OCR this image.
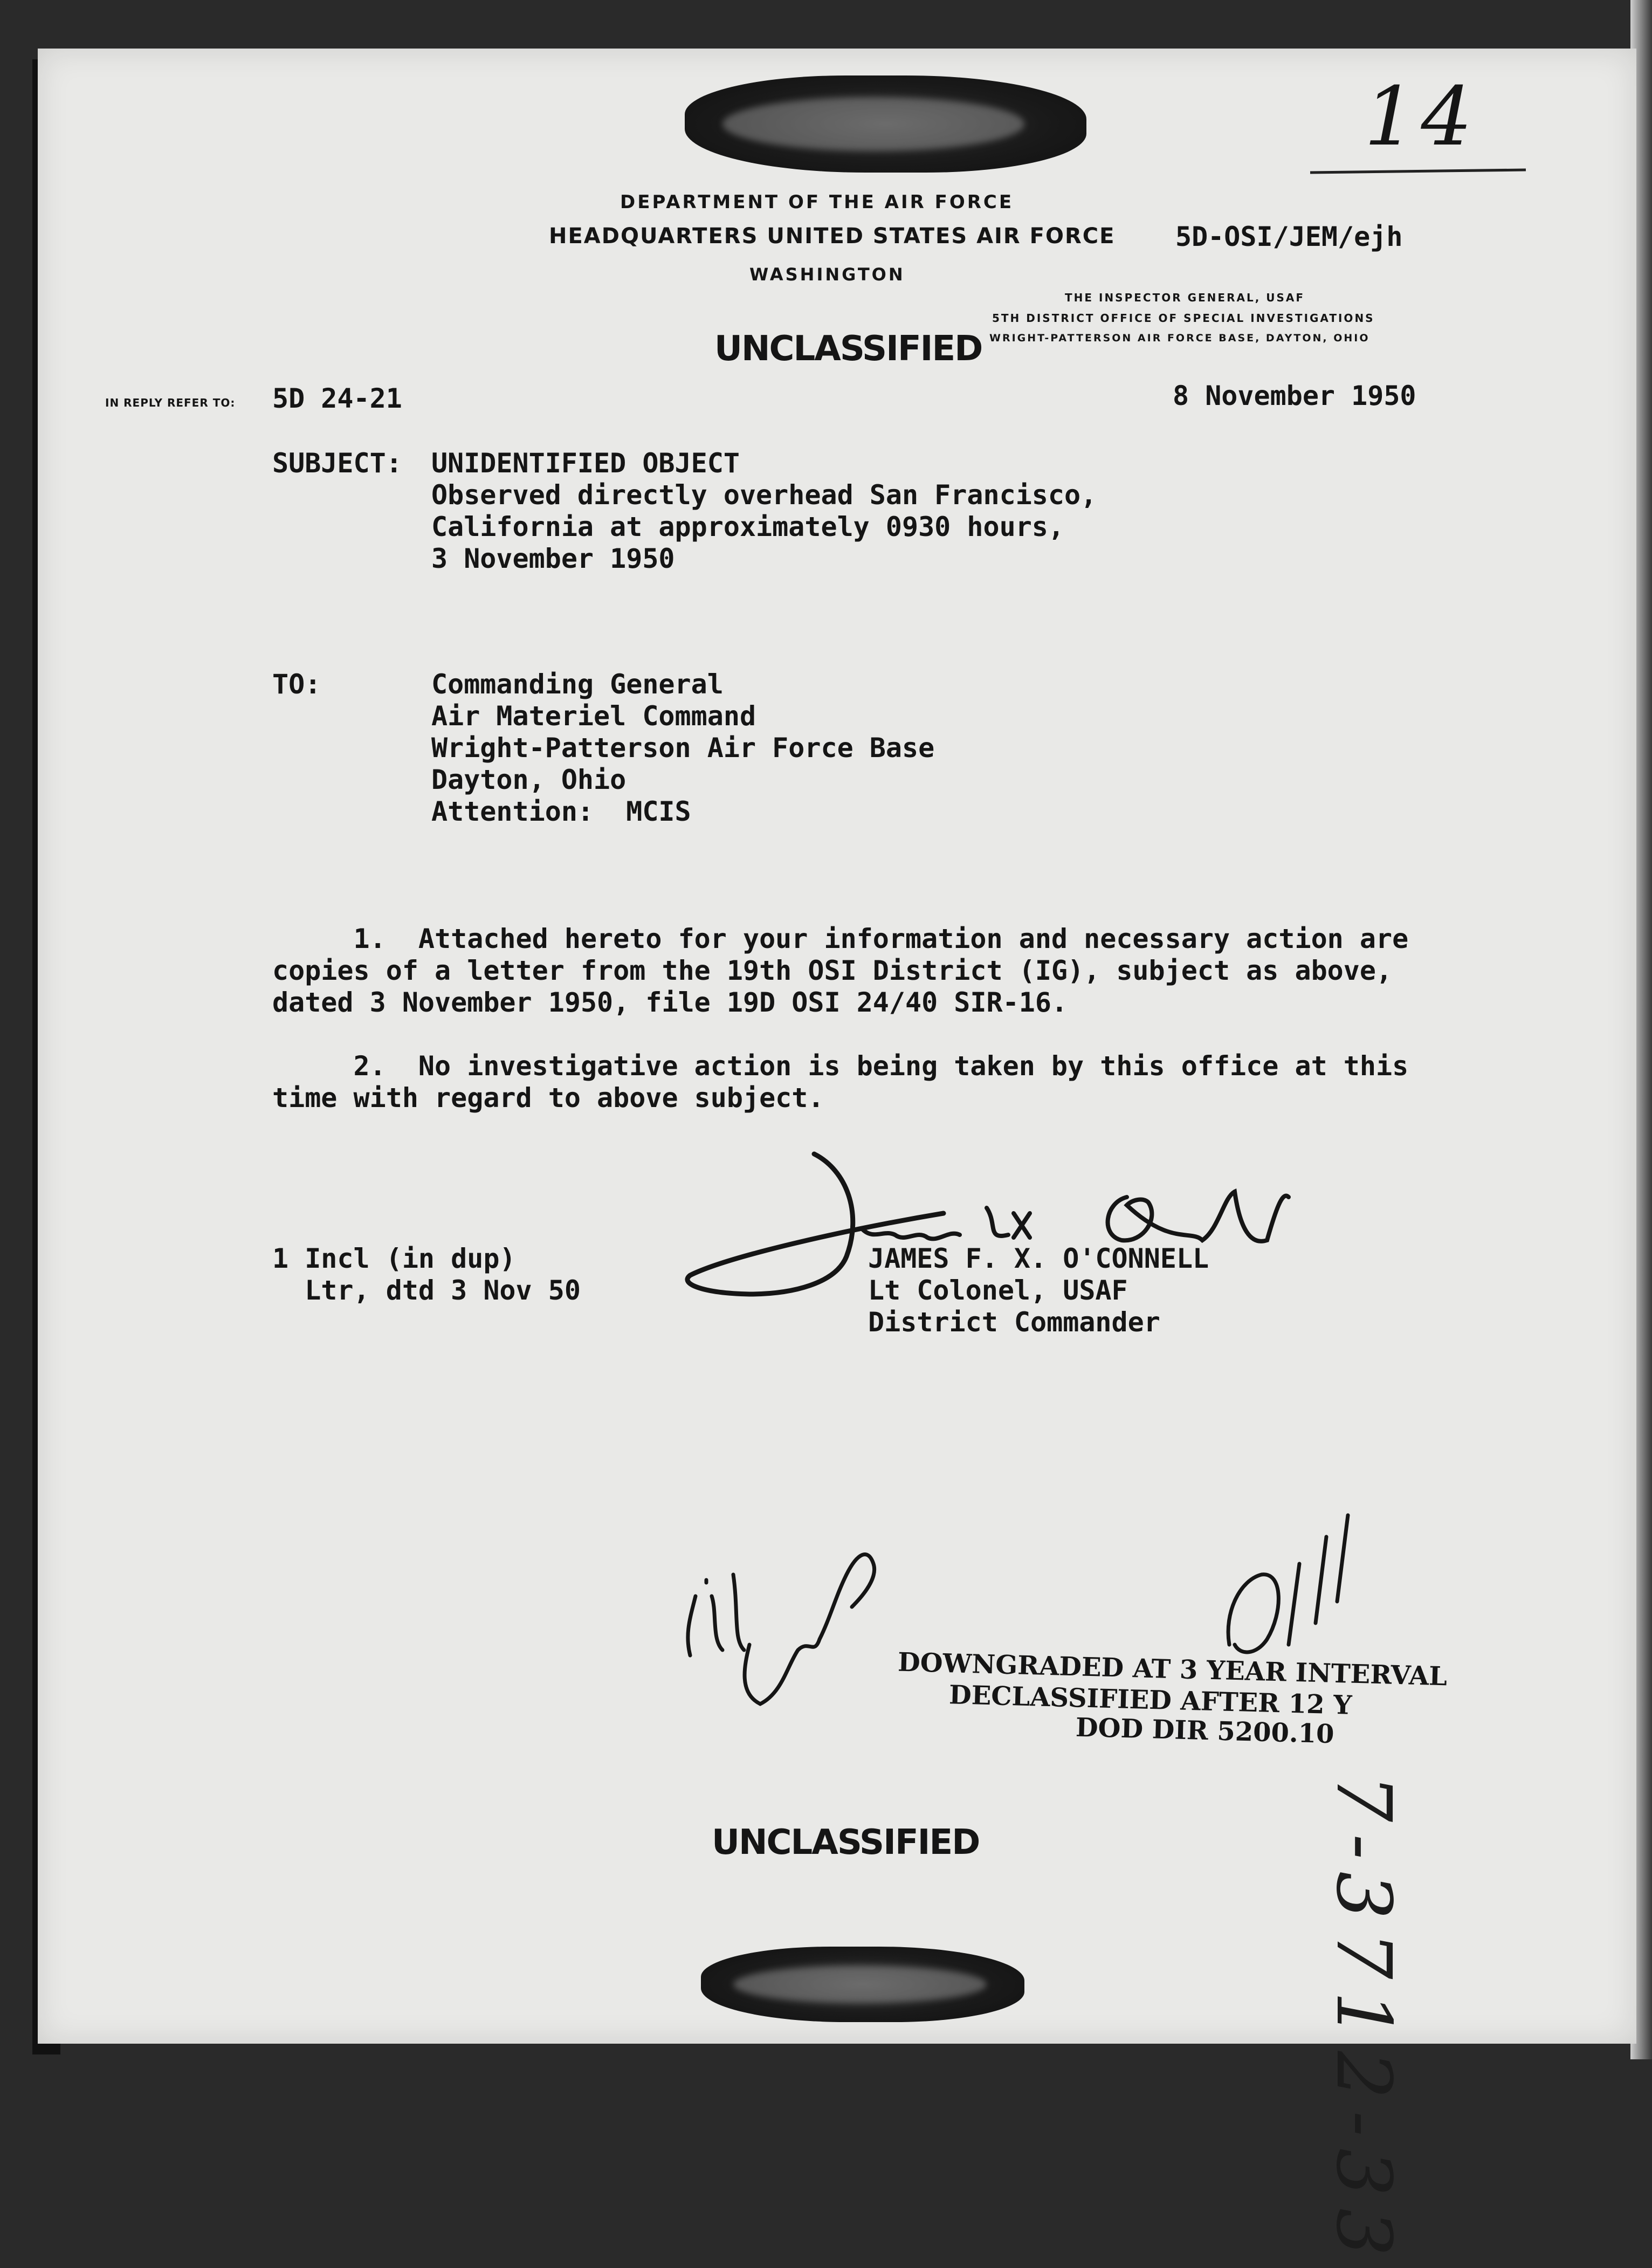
14
DEPARTMENT OF THE AIR FORCE
HEADQUARTERS UNITED STATES AIR FORCE
WASHINGTON
5D-OSI/JEM/ejh
THE INSPECTOR GENERAL, USAF
5TH DISTRICT OFFICE OF SPECIAL INVESTIGATIONS
WRIGHT-PATTERSON AIR FORCE BASE, DAYTON, OHIO
UNCLASSIFIED
IN REPLY REFER TO: 5D 24-21	8 November 1950
SUBJECT: UNIDENTIFIED OBJECT
Observed directly overhead San Francisco,
California at approximately 0930 hours,
3 November 1950
TO:	Commanding General
Air Materiel Command
Wright-Patterson Air Force Base
Dayton, Ohio
Attention:  MCIS
1.  Attached hereto for your information and necessary action are
copies of a letter from the 19th OSI District (IG), subject as above,
dated 3 November 1950, file 19D OSI 24/40 SIR-16.
2.  No investigative action is being taken by this office at this
time with regard to above subject.
1 Incl (in dup)
Ltr, dtd 3 Nov 50
JAMES F. X. O'CONNELL
Lt Colonel, USAF
District Commander
DOWNGRADED AT 3 YEAR INTERVAL
DECLASSIFIED AFTER 12 Y
DOD DIR 5200.10
UNCLASSIFIED	7-3712-33
